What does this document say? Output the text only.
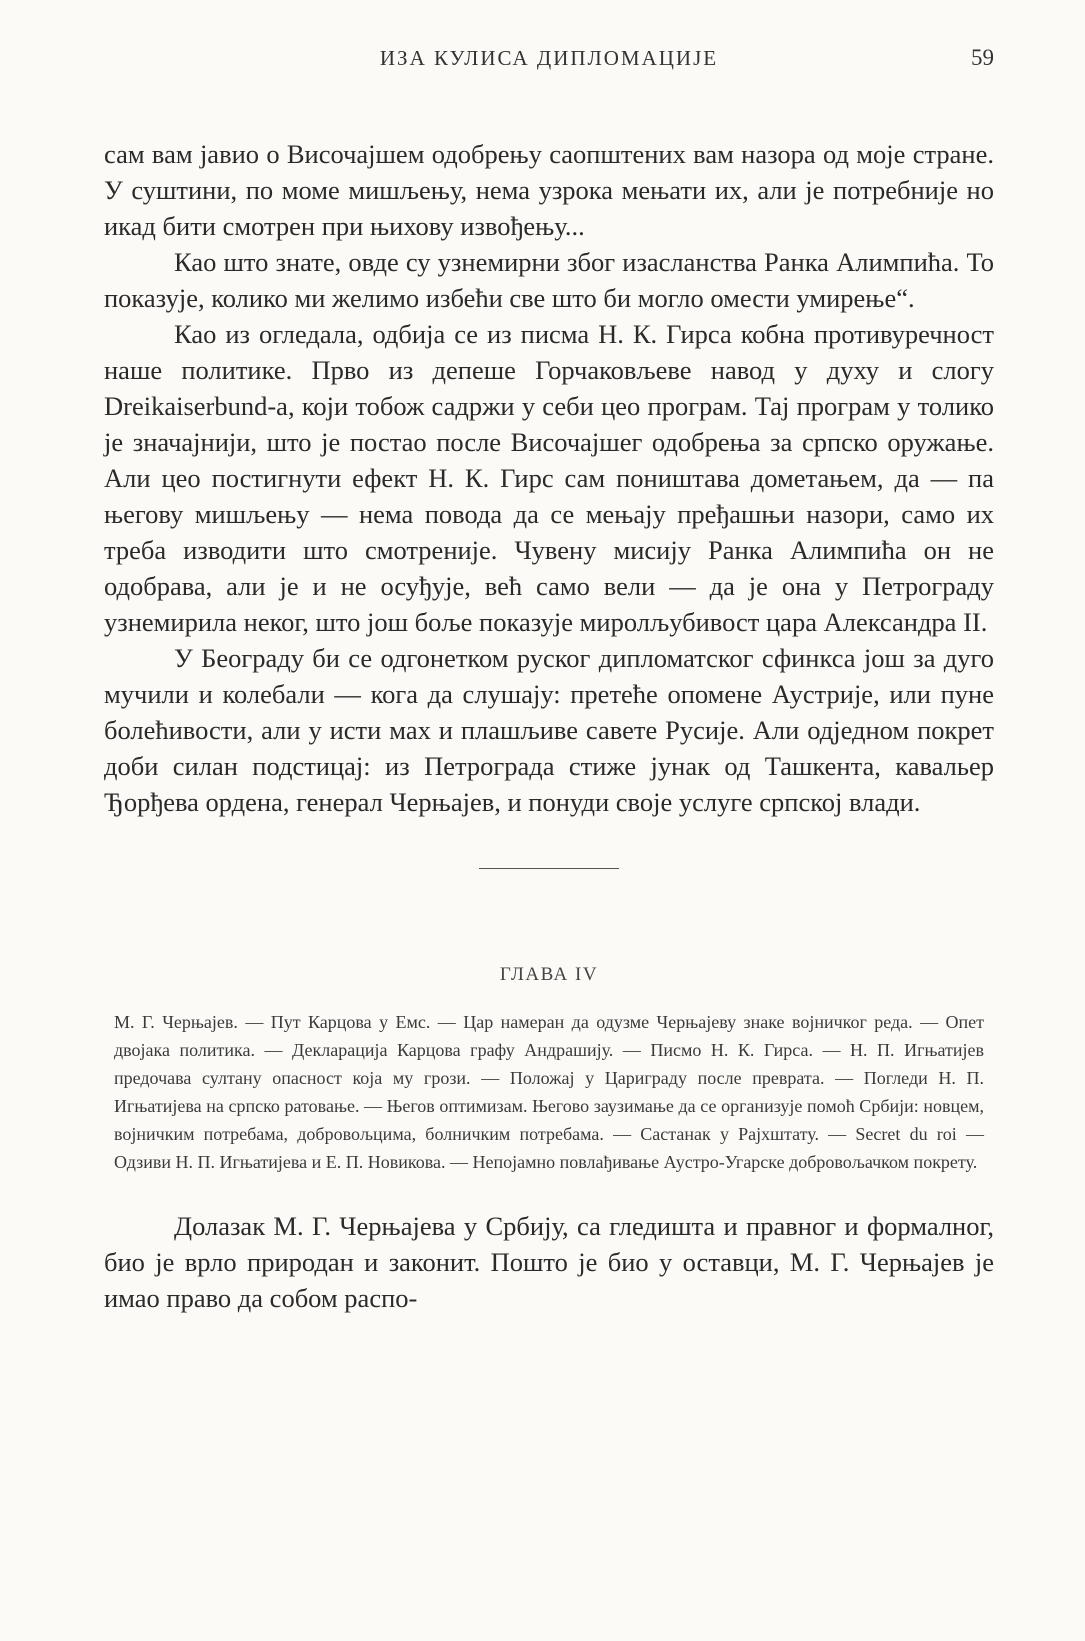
ИЗА КУЛИСА ДИПЛОМАЦИЈЕ	59

сам вам јавио о Височајшем одобрењу саопштених вам назора од моје стране. У суштини, по моме мишљењу, нема узрока мењати их, али је потребније но икад бити смотрен при њихову извођењу...

Као што знате, овде су узнемирни због изасланства Ранка Алимпића. То показује, колико ми желимо избећи све што би могло омести умирење“.

Као из огледала, одбија се из писма Н. К. Гирса кобна противуречност наше политике. Прво из депеше Горчаковљеве навод у духу и слогу Dreikaiserbund-a, који тобож садржи у себи цео програм. Тај програм у толико је значајнији, што је постао после Височајшег одобрења за српско оружање. Али цео постигнути ефект Н. К. Гирс сам поништава дометањем, да — па његову мишљењу — нема повода да се мењају пређашњи назори, само их треба изводити што смотреније. Чувену мисију Ранка Алимпића он не одобрава, али је и не осуђује, већ само вели — да је она у Петрограду узнемирила неког, што још боље показује миролљубивост цара Александра II.

У Београду би се одгонетком руског дипломатског сфинкса још за дуго мучили и колебали — кога да слушају: претеће опомене Аустрије, или пуне болећивости, али у исти мах и плашљиве савете Русије. Али одједном покрет доби силан подстицај: из Петрограда стиже јунак од Ташкента, кавальер Ђорђева ордена, генерал Черњајев, и понуди своје услуге српској влади.

ГЛАВА IV
М. Г. Черњајев. — Пут Карцова у Емс. — Цар намеран да одузме Черњајеву знаке војничког реда. — Опет двојака политика. — Декларација Карцова графу Андрашију. — Писмо Н. К. Гирса. — Н. П. Игњатијев предочава султану опасност која му грози. — Положај у Цариграду после преврата. — Погледи Н. П. Игњатијева на српско ратовање. — Његов оптимизам. Његово заузимање да се организује помоћ Србији: новцем, војничким потребама, добровољцима, болничким потребама. — Састанак у Рајхштату. — Secret du roi — Одзиви Н. П. Игњатијева и Е. П. Новикова. — Непојамно повлађивање Аустро-Угарске добровољачком покрету.

Долазак М. Г. Черњајева у Србију, са гледишта и правног и формалног, био је врло природан и законит. Пошто је био у оставци, М. Г. Черњајев је имао право да собом распо-
